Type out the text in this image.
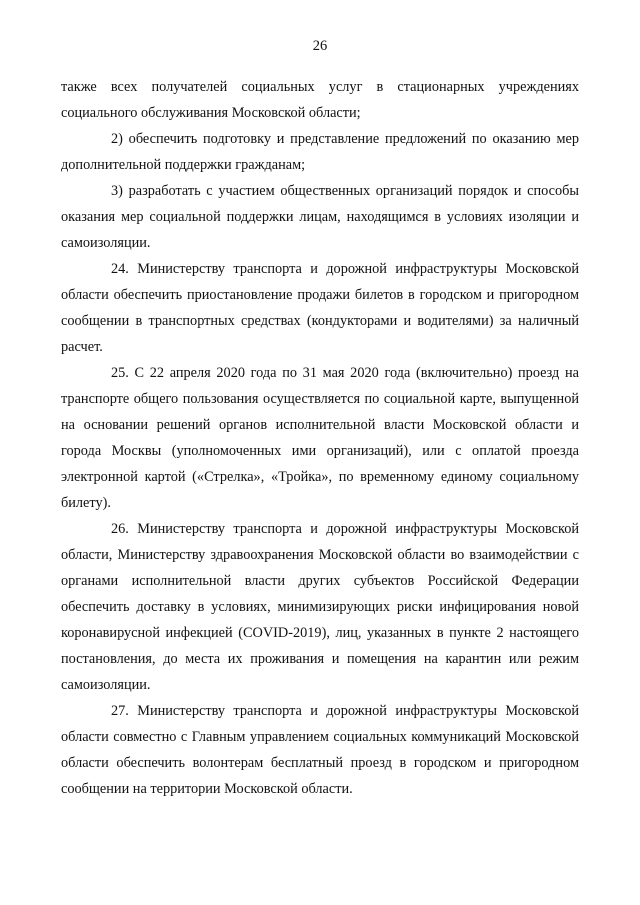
26

также всех получателей социальных услуг в стационарных учреждениях социального обслуживания Московской области;

2) обеспечить подготовку и представление предложений по оказанию мер дополнительной поддержки гражданам;

3) разработать с участием общественных организаций порядок и способы оказания мер социальной поддержки лицам, находящимся в условиях изоляции и самоизоляции.

24. Министерству транспорта и дорожной инфраструктуры Московской области обеспечить приостановление продажи билетов в городском и пригородном сообщении в транспортных средствах (кондукторами и водителями) за наличный расчет.

25. С 22 апреля 2020 года по 31 мая 2020 года (включительно) проезд на транспорте общего пользования осуществляется по социальной карте, выпущенной на основании решений органов исполнительной власти Московской области и города Москвы (уполномоченных ими организаций), или с оплатой проезда электронной картой («Стрелка», «Тройка», по временному единому социальному билету).

26. Министерству транспорта и дорожной инфраструктуры Московской области, Министерству здравоохранения Московской области во взаимодействии с органами исполнительной власти других субъектов Российской Федерации обеспечить доставку в условиях, минимизирующих риски инфицирования новой коронавирусной инфекцией (COVID-2019), лиц, указанных в пункте 2 настоящего постановления, до места их проживания и помещения на карантин или режим самоизоляции.

27. Министерству транспорта и дорожной инфраструктуры Московской области совместно с Главным управлением социальных коммуникаций Московской области обеспечить волонтерам бесплатный проезд в городском и пригородном сообщении на территории Московской области.
